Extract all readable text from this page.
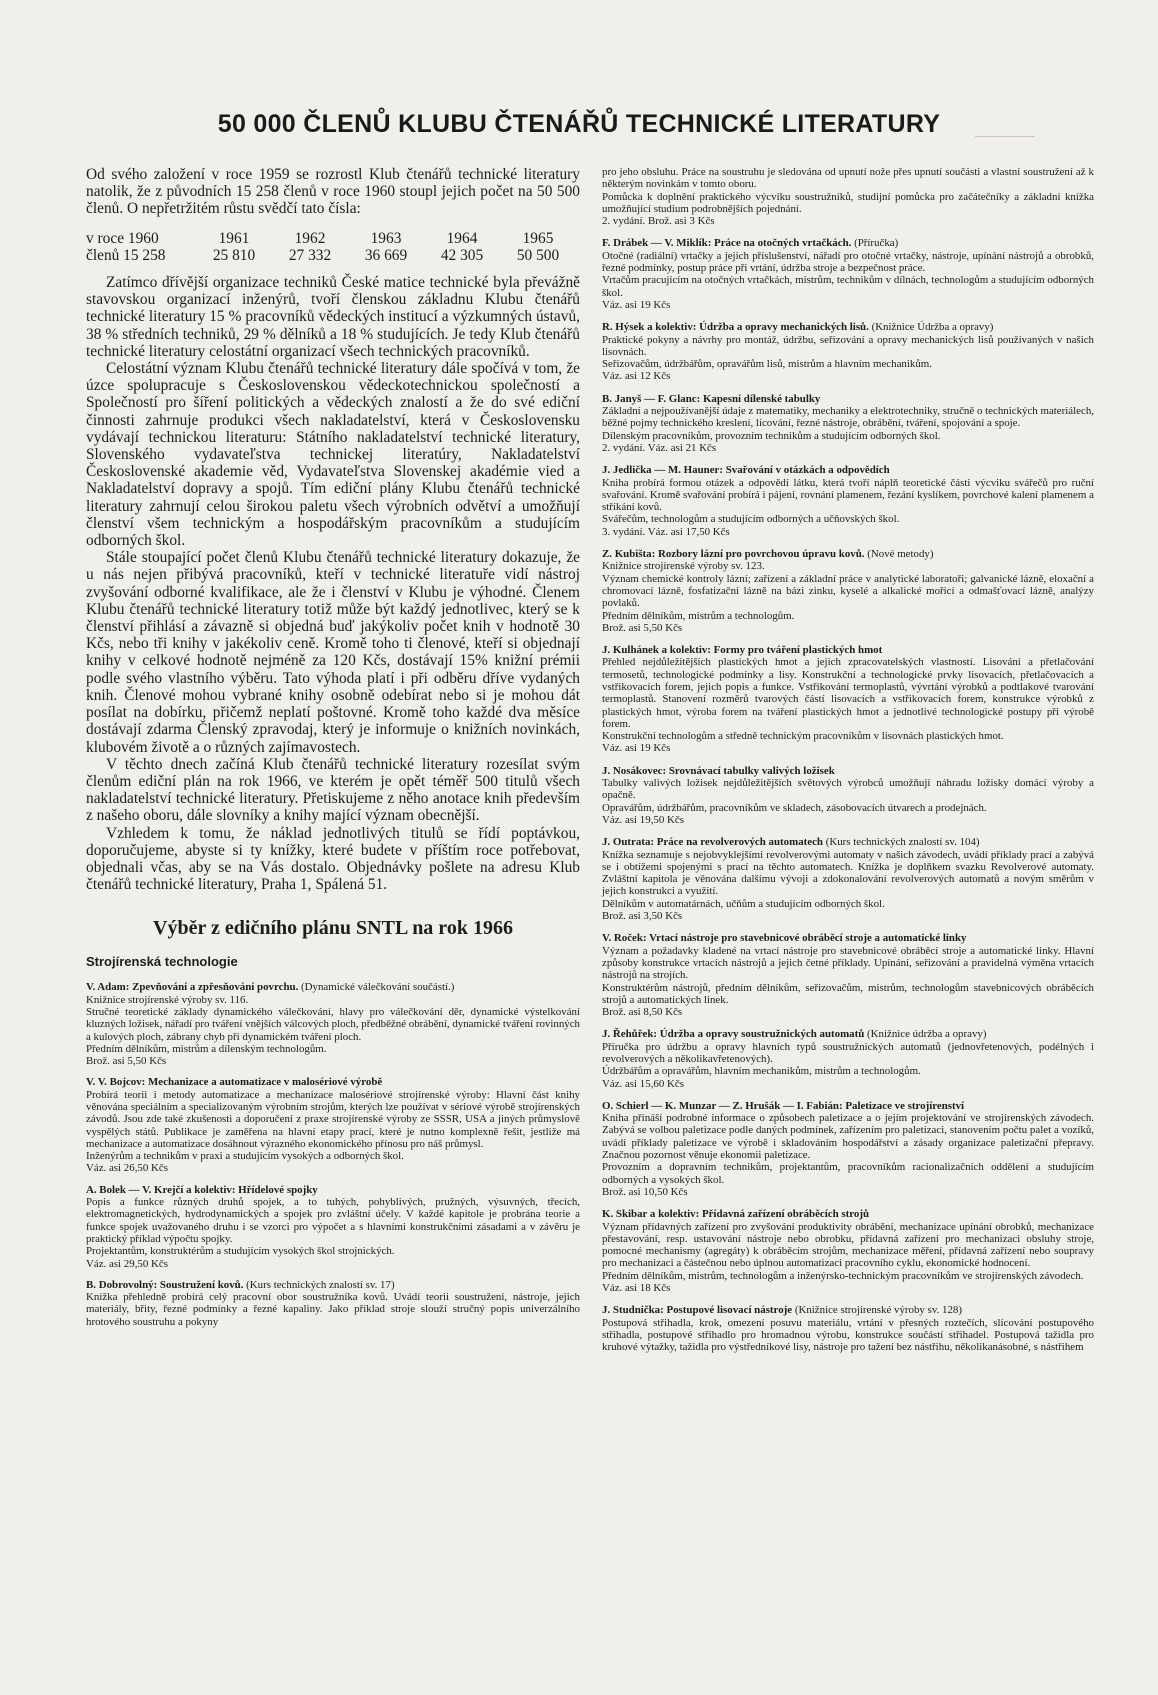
50 000 ČLENŮ KLUBU ČTENÁŘŮ TECHNICKÉ LITERATURY

Od svého založení v roce 1959 se rozrostl Klub čtenářů technické literatury natolik, že z původních 15 258 členů v roce 1960 stoupl jejich počet na 50 500 členů. O nepřetržitém růstu svědčí tato čísla:

v roce 1960	1961	1962	1963	1964	1965
členů 15 258	25 810	27 332	36 669	42 305	50 500

Zatímco dřívější organizace techniků České matice technické byla převážně stavovskou organizací inženýrů, tvoří členskou základnu Klubu čtenářů technické literatury 15 % pracovníků vědeckých institucí a výzkumných ústavů, 38 % středních techniků, 29 % dělníků a 18 % studujících. Je tedy Klub čtenářů technické literatury celostátní organizací všech technických pracovníků.

Celostátní význam Klubu čtenářů technické literatury dále spočívá v tom, že úzce spolupracuje s Československou vědeckotechnickou společností a Společností pro šíření politických a vědeckých znalostí a že do své ediční činnosti zahrnuje produkci všech nakladatelství, která v Československu vydávají technickou literaturu: Státního nakladatelství technické literatury, Slovenského vydavateľstva technickej literatúry, Nakladatelství Československé akademie věd, Vydavateľstva Slovenskej akadémie vied a Nakladatelství dopravy a spojů. Tím ediční plány Klubu čtenářů technické literatury zahrnují celou širokou paletu všech výrobních odvětví a umožňují členství všem technickým a hospodářským pracovníkům a studujícím odborných škol.

Stále stoupající počet členů Klubu čtenářů technické literatury dokazuje, že u nás nejen přibývá pracovníků, kteří v technické literatuře vidí nástroj zvyšování odborné kvalifikace, ale že i členství v Klubu je výhodné. Členem Klubu čtenářů technické literatury totiž může být každý jednotlivec, který se k členství přihlásí a závazně si objedná buď jakýkoliv počet knih v hodnotě 30 Kčs, nebo tři knihy v jakékoliv ceně. Kromě toho ti členové, kteří si objednají knihy v celkové hodnotě nejméně za 120 Kčs, dostávají 15% knižní prémii podle svého vlastního výběru. Tato výhoda platí i při odběru dříve vydaných knih. Členové mohou vybrané knihy osobně odebírat nebo si je mohou dát posílat na dobírku, přičemž neplatí poštovné. Kromě toho každé dva měsíce dostávají zdarma Členský zpravodaj, který je informuje o knižních novinkách, klubovém životě a o různých zajímavostech.

V těchto dnech začíná Klub čtenářů technické literatury rozesílat svým členům ediční plán na rok 1966, ve kterém je opět téměř 500 titulů všech nakladatelství technické literatury. Přetiskujeme z něho anotace knih především z našeho oboru, dále slovníky a knihy mající význam obecnější.

Vzhledem k tomu, že náklad jednotlivých titulů se řídí poptávkou, doporučujeme, abyste si ty knížky, které budete v příštím roce potřebovat, objednali včas, aby se na Vás dostalo. Objednávky pošlete na adresu Klub čtenářů technické literatury, Praha 1, Spálená 51.

Výběr z edičního plánu SNTL na rok 1966
Strojírenská technologie
V. Adam: Zpevňování a zpřesňování povrchu. (Dynamické válečkování součástí.)
Knižnice strojírenské výroby sv. 116.
Stručné teoretické základy dynamického válečkování, hlavy pro válečkování děr, dynamické výstelkování kluzných ložisek, nářadí pro tváření vnějších válcových ploch, předběžné obrábění, dynamické tváření rovinných a kulových ploch, zábrany chyb při dynamickém tváření ploch.
Předním dělníkům, mistrům a dílenským technologům.
Brož. asi 5,50 Kčs
V. V. Bojcov: Mechanizace a automatizace v malosériové výrobě
Probírá teorii i metody automatizace a mechanizace malosériové strojírenské výroby: Hlavní část knihy věnována speciálním a specializovaným výrobním strojům, kterých lze používat v sériové výrobě strojírenských závodů. Jsou zde také zkušenosti a doporučení z praxe strojírenské výroby ze SSSR, USA a jiných průmyslově vyspělých států. Publikace je zaměřena na hlavní etapy prací, které je nutno komplexně řešit, jestliže má mechanizace a automatizace dosáhnout výrazného ekonomického přínosu pro náš průmysl.
Inženýrům a technikům v praxi a studujícím vysokých a odborných škol.
Váz. asi 26,50 Kčs
A. Bolek — V. Krejčí a kolektiv: Hřídelové spojky
Popis a funkce různých druhů spojek, a to tuhých, pohyblivých, pružných, výsuvných, třecích, elektromagnetických, hydrodynamických a spojek pro zvláštní účely. V každé kapitole je probrána teorie a funkce spojek uvažovaného druhu i se vzorci pro výpočet a s hlavními konstrukčními zásadami a v závěru je praktický příklad výpočtu spojky.
Projektantům, konstruktérům a studujícím vysokých škol strojnických.
Váz. asi 29,50 Kčs
B. Dobrovolný: Soustružení kovů. (Kurs technických znalostí sv. 17)
Knížka přehledně probírá celý pracovní obor soustružníka kovů. Uvádí teorii soustružení, nástroje, jejich materiály, břity, řezné podmínky a řezné kapaliny. Jako příklad stroje slouží stručný popis univerzálního hrotového soustruhu a pokyny
pro jeho obsluhu. Práce na soustruhu je sledována od upnutí nože přes upnutí součásti a vlastní soustružení až k některým novinkám v tomto oboru.
Pomůcka k doplnění praktického výcviku soustružníků, studijní pomůcka pro začátečníky a základní knížka umožňující studium podrobnějších pojednání.
2. vydání. Brož. asi 3 Kčs
F. Drábek — V. Miklík: Práce na otočných vrtačkách. (Příručka)
Otočné (radiální) vrtačky a jejich příslušenství, nářadí pro otočné vrtačky, nástroje, upínání nástrojů a obrobků, řezné podmínky, postup práce při vrtání, údržba stroje a bezpečnost práce.
Vrtačům pracujícím na otočných vrtačkách, mistrům, technikům v dílnách, technologům a studujícím odborných škol.
Váz. asi 19 Kčs
R. Hýsek a kolektiv: Údržba a opravy mechanických lisů. (Knižnice Údržba a opravy)
Praktické pokyny a návrhy pro montáž, údržbu, seřizování a opravy mechanických lisů používaných v našich lisovnách.
Seřizovačům, údržbářům, opravářům lisů, mistrům a hlavním mechanikům.
Váz. asi 12 Kčs
B. Janyš — F. Glanc: Kapesní dílenské tabulky
Základní a nejpoužívanější údaje z matematiky, mechaniky a elektrotechniky, stručně o technických materiálech, běžné pojmy technického kreslení, lícování, řezné nástroje, obrábění, tváření, spojování a spoje.
Dílenským pracovníkům, provozním technikům a studujícím odborných škol.
2. vydání. Váz. asi 21 Kčs
J. Jedlička — M. Hauner: Svařování v otázkách a odpovědích
Kniha probírá formou otázek a odpovědí látku, která tvoří náplň teoretické části výcviku svářečů pro ruční svařování. Kromě svařování probírá i pájení, rovnání plamenem, řezání kyslíkem, povrchové kalení plamenem a stříkání kovů.
Svářečům, technologům a studujícím odborných a učňovských škol.
3. vydání. Váz. asi 17,50 Kčs
Z. Kubišta: Rozbory lázní pro povrchovou úpravu kovů. (Nové metody)
Knižnice strojírenské výroby sv. 123.
Význam chemické kontroly lázní; zařízení a základní práce v analytické laboratoři; galvanické lázně, eloxační a chromovací lázně, fosfatizační lázně na bázi zinku, kyselé a alkalické mořicí a odmašťovací lázně, analýzy povlaků.
Předním dělníkům, mistrům a technologům.
Brož. asi 5,50 Kčs
J. Kulhánek a kolektiv: Formy pro tváření plastických hmot
Přehled nejdůležitějších plastických hmot a jejich zpracovatelských vlastností. Lisování a přetlačování termosetů, technologické podmínky a lisy. Konstrukční a technologické prvky lisovacích, přetlačovacích a vstřikovacích forem, jejich popis a funkce. Vstřikování termoplastů, vývrtání výrobků a podtlakové tvarování termoplastů. Stanovení rozměrů tvarových částí lisovacích a vstřikovacích forem, konstrukce výrobků z plastických hmot, výroba forem na tváření plastických hmot a jednotlivé technologické postupy při výrobě forem.
Konstrukční technologům a středně technickým pracovníkům v lisovnách plastických hmot.
Váz. asi 19 Kčs
J. Nosákovec: Srovnávací tabulky valivých ložisek
Tabulky valivých ložisek nejdůležitějších světových výrobců umožňují náhradu ložisky domácí výroby a opačně.
Opravářům, údržbářům, pracovníkům ve skladech, zásobovacích útvarech a prodejnách.
Váz. asi 19,50 Kčs
J. Outrata: Práce na revolverových automatech (Kurs technických znalostí sv. 104)
Knížka seznamuje s nejobvyklejšími revolverovými automaty v našich závodech, uvádí příklady prací a zabývá se i obtížemi spojenými s prací na těchto automatech. Knížka je doplňkem svazku Revolverové automaty. Zvláštní kapitola je věnována dalšímu vývoji a zdokonalování revolverových automatů a novým směrům v jejich konstrukci a využití.
Dělníkům v automatárnách, učňům a studujícím odborných škol.
Brož. asi 3,50 Kčs
V. Roček: Vrtací nástroje pro stavebnicové obráběcí stroje a automatické linky
Význam a požadavky kladené na vrtací nástroje pro stavebnicové obráběcí stroje a automatické linky. Hlavní způsoby konstrukce vrtacích nástrojů a jejich četné příklady. Upínání, seřizování a pravidelná výměna vrtacích nástrojů na strojích.
Konstruktérům nástrojů, předním dělníkům, seřizovačům, mistrům, technologům stavebnicových obráběcích strojů a automatických linek.
Brož. asi 8,50 Kčs
J. Řehůřek: Údržba a opravy soustružnických automatů (Knižnice údržba a opravy)
Příručka pro údržbu a opravy hlavních typů soustružnických automatů (jednovřetenových, podélných i revolverových a několikavřetenových).
Údržbářům a opravářům, hlavním mechanikům, mistrům a technologům.
Váz. asi 15,60 Kčs
O. Schierl — K. Munzar — Z. Hrušák — I. Fabián: Paletizace ve strojírenství
Kniha přináší podrobné informace o způsobech paletizace a o jejím projektování ve strojírenských závodech. Zabývá se volbou paletizace podle daných podmínek, zařízením pro paletizaci, stanovením počtu palet a vozíků, uvádí příklady paletizace ve výrobě i skladováním hospodářství a zásady organizace paletizační přepravy. Značnou pozornost věnuje ekonomii paletizace.
Provozním a dopravním technikům, projektantům, pracovníkům racionalizačních oddělení a studujícím odborných a vysokých škol.
Brož. asi 10,50 Kčs
K. Skibar a kolektiv: Přídavná zařízení obráběcích strojů
Význam přídavných zařízení pro zvyšování produktivity obrábění, mechanizace upínání obrobků, mechanizace přestavování, resp. ustavování nástroje nebo obrobku, přídavná zařízení pro mechanizaci obsluhy stroje, pomocné mechanismy (agregáty) k obráběcím strojům, mechanizace měření, přídavná zařízení nebo soupravy pro mechanizaci a částečnou nebo úplnou automatizaci pracovního cyklu, ekonomické hodnocení.
Předním dělníkům, mistrům, technologům a inženýrsko-technickým pracovníkům ve strojírenských závodech.
Váz. asi 18 Kčs
J. Studnička: Postupové lisovací nástroje (Knižnice strojírenské výroby sv. 128)
Postupová střihadla, krok, omezení posuvu materiálu, vrtání v přesných roztečích, slícování postupového střihadla, postupové střihadlo pro hromadnou výrobu, konstrukce součástí střihadel. Postupová tažidla pro kruhové výtažky, tažidla pro výstředníkové lisy, nástroje pro tažení bez nástřihu, několikanásobné, s nástřihem
